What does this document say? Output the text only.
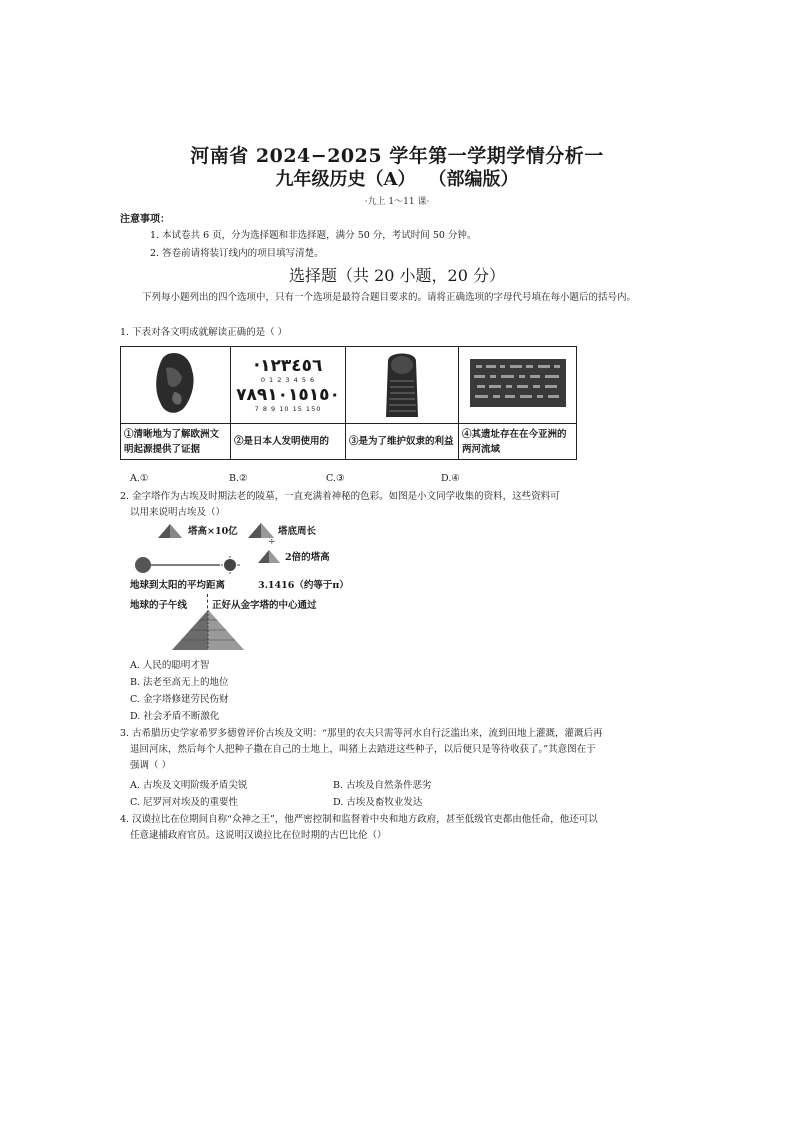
河南省 2024−2025 学年第一学期学情分析一
九年级历史（A） （部编版）
·九上 1～11 课·
注意事项：
1. 本试卷共 6 页，分为选择题和非选择题，满分 50 分，考试时间 50 分钟。
2. 答卷前请将装订线内的项目填写清楚。
选择题（共 20 小题，20 分）
下列每小题列出的四个选项中，只有一个选项是最符合题目要求的。请将正确选项的字母代号填在每小题后的括号内。
1. 下表对各文明成就解读正确的是（ ）

·١٢٣٤٥٦
0 1 2 3 4 5 6
٧٨٩١٠١٥١٥٠
7 8 9 10 15 150

①清晰地为了解欧洲文明起源提供了证据	②是日本人发明使用的	③是为了维护奴隶的利益	④其遗址存在在今亚洲的两河流域
A.①	B.②	C.③	D.④
2. 金字塔作为古埃及时期法老的陵墓，一直充满着神秘的色彩。如图是小文同学收集的资料，这些资料可
以用来说明古埃及（）
塔高×10亿	塔底周长
÷
2倍的塔高
地球到太阳的平均距离	3.1416（约等于π）
地球的子午线	正好从金字塔的中心通过
A. 人民的聪明才智
B. 法老至高无上的地位
C. 金字塔修建劳民伤财
D. 社会矛盾不断激化
3. 古希腊历史学家希罗多德曾评价古埃及文明：“那里的农夫只需等河水自行泛滥出来，流到田地上灌溉，灌溉后再
退回河床，然后每个人把种子撒在自己的土地上，叫猪上去踏进这些种子，以后便只是等待收获了。”其意图在于
强调（ ）
A. 古埃及文明阶级矛盾尖锐	B. 古埃及自然条件恶劣
C. 尼罗河对埃及的重要性	D. 古埃及畜牧业发达
4. 汉谟拉比在位期间自称“众神之王”，他严密控制和监督着中央和地方政府，甚至低级官吏都由他任命，他还可以
任意逮捕政府官员。这说明汉谟拉比在位时期的古巴比伦（）
